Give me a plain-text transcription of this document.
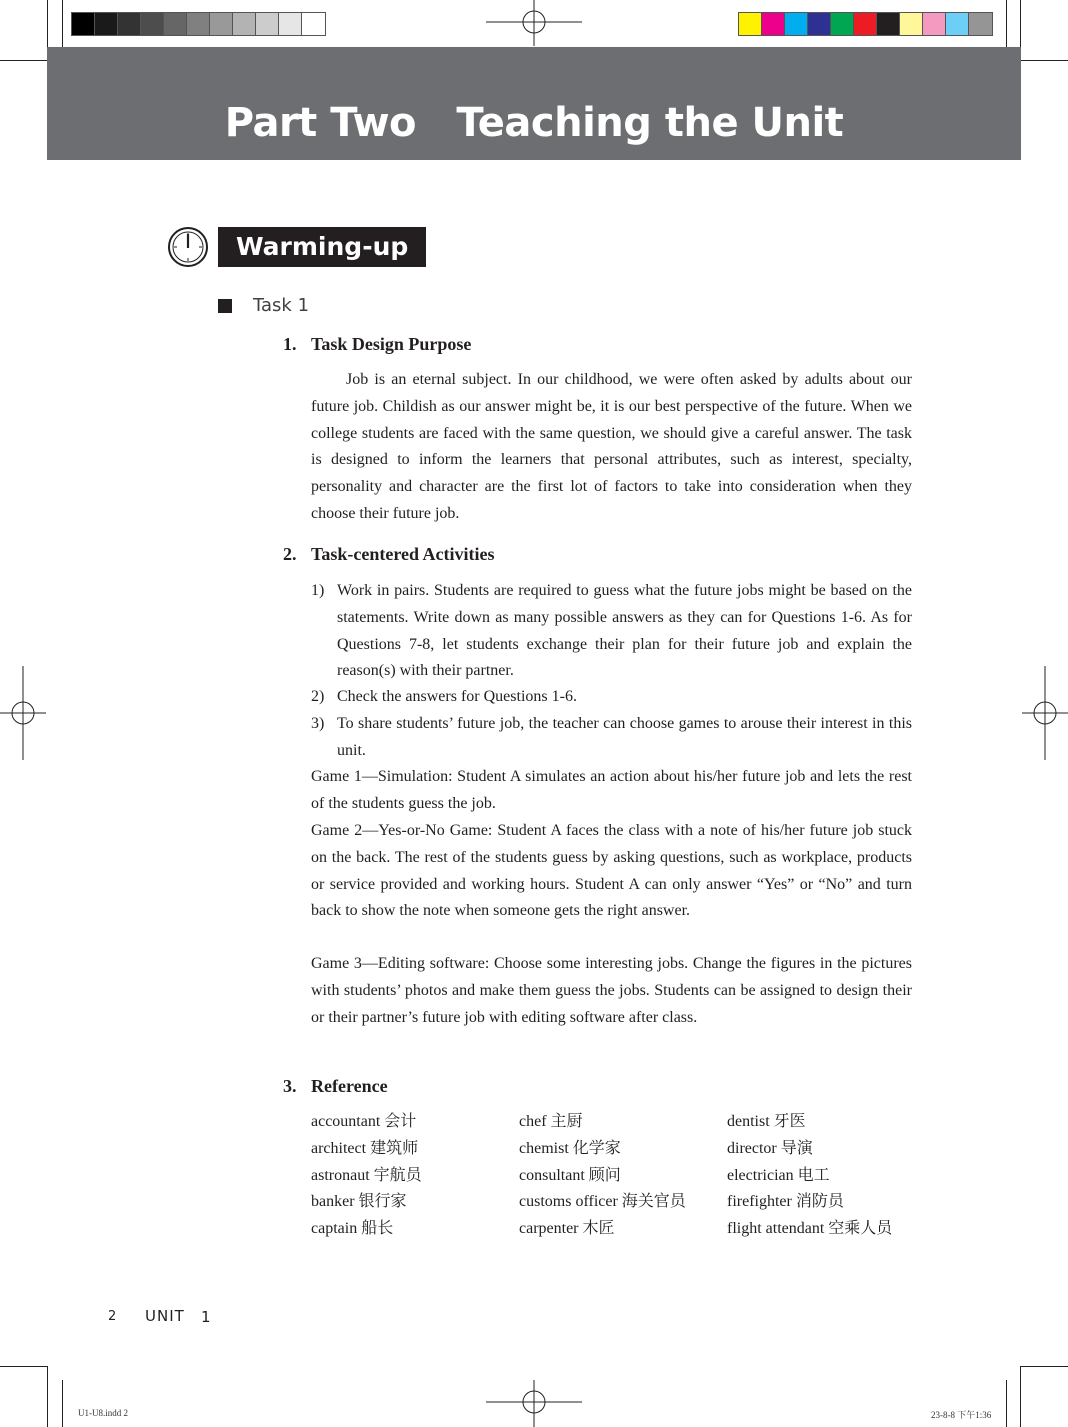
Part Two   Teaching the Unit
Warming-up
Task 1
1. Task Design Purpose

Job is an eternal subject. In our childhood, we were often asked by adults about our future job. Childish as our answer might be, it is our best perspective of the future. When we college students are faced with the same question, we should give a careful answer. The task is designed to inform the learners that personal attributes, such as interest, specialty, personality and character are the first lot of factors to take into consideration when they choose their future job.

2. Task-centered Activities
1) Work in pairs. Students are required to guess what the future jobs might be based on the statements. Write down as many possible answers as they can for Questions 1-6. As for Questions 7-8, let students exchange their plan for their future job and explain the reason(s) with their partner.
2) Check the answers for Questions 1-6.
3) To share students’ future job, the teacher can choose games to arouse their interest in this unit.

Game 1—Simulation: Student A simulates an action about his/her future job and lets the rest of the students guess the job.

Game 2—Yes-or-No Game: Student A faces the class with a note of his/her future job stuck on the back. The rest of the students guess by asking questions, such as workplace, products or service provided and working hours. Student A can only answer “Yes” or “No” and turn back to show the note when someone gets the right answer.

Game 3—Editing software: Choose some interesting jobs. Change the figures in the pictures with students’ photos and make them guess the jobs. Students can be assigned to design their or their partner’s future job with editing software after class.

3. Reference
accountant 会计
architect 建筑师
astronaut 宇航员
banker 银行家
captain 船长
chef 主厨
chemist 化学家
consultant 顾问
customs officer 海关官员
carpenter 木匠
dentist 牙医
director 导演
electrician 电工
firefighter 消防员
flight attendant 空乘人员
2 UNIT 1
U1-U8.indd 2	23-8-8 下午1:36
